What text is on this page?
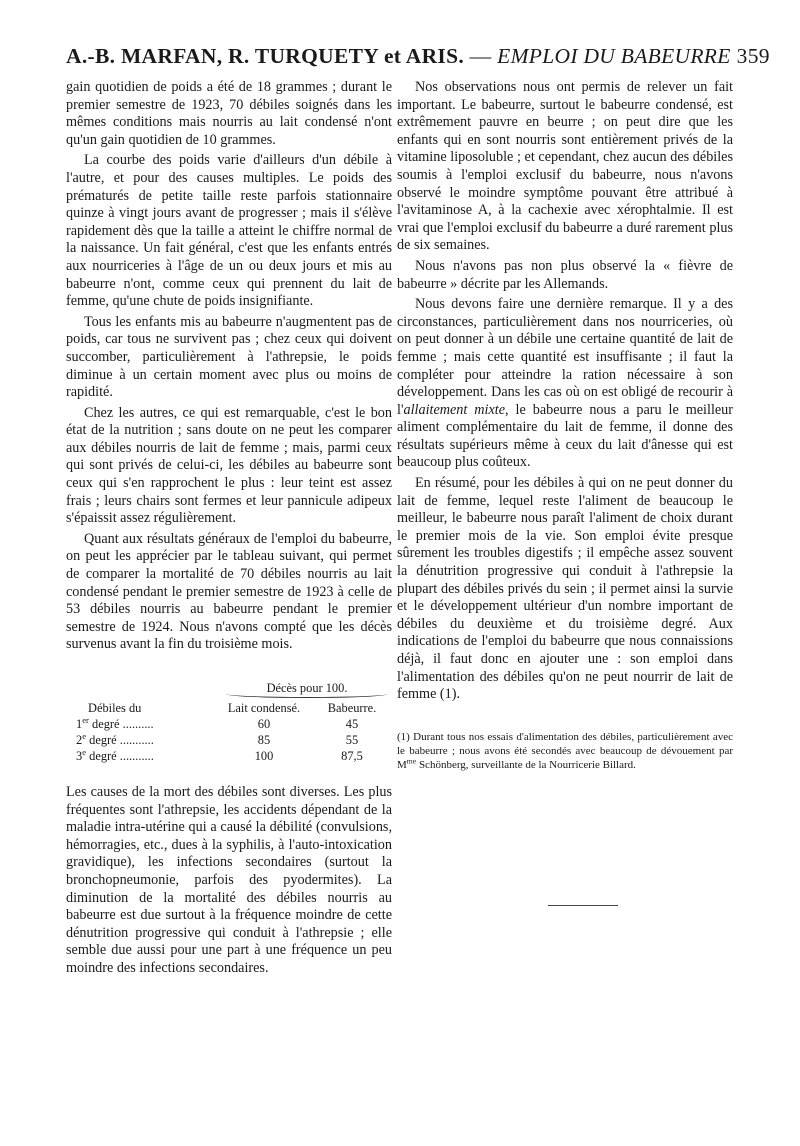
A.-B. MARFAN, R. TURQUETY et ARIS. — EMPLOI DU BABEURRE 359

gain quotidien de poids a été de 18 grammes ; durant le premier semestre de 1923, 70 débiles soignés dans les mêmes conditions mais nourris au lait condensé n'ont qu'un gain quotidien de 10 grammes.

La courbe des poids varie d'ailleurs d'un débile à l'autre, et pour des causes multiples. Le poids des prématurés de petite taille reste parfois stationnaire quinze à vingt jours avant de progresser ; mais il s'élève rapidement dès que la taille a atteint le chiffre normal de la naissance. Un fait général, c'est que les enfants entrés aux nourriceries à l'âge de un ou deux jours et mis au babeurre n'ont, comme ceux qui prennent du lait de femme, qu'une chute de poids insignifiante.

Tous les enfants mis au babeurre n'augmentent pas de poids, car tous ne survivent pas ; chez ceux qui doivent succomber, particulièrement à l'athrepsie, le poids diminue à un certain moment avec plus ou moins de rapidité.

Chez les autres, ce qui est remarquable, c'est le bon état de la nutrition ; sans doute on ne peut les comparer aux débiles nourris de lait de femme ; mais, parmi ceux qui sont privés de celui-ci, les débiles au babeurre sont ceux qui s'en rapprochent le plus : leur teint est assez frais ; leurs chairs sont fermes et leur pannicule adipeux s'épaissit assez régulièrement.

Quant aux résultats généraux de l'emploi du babeurre, on peut les apprécier par le tableau suivant, qui permet de comparer la mortalité de 70 débiles nourris au lait condensé pendant le premier semestre de 1923 à celle de 53 débiles nourris au babeurre pendant le premier semestre de 1924. Nous n'avons compté que les décès survenus avant la fin du troisième mois.

Décès pour 100.
Débiles du	Lait condensé.	Babeurre.
1er degré ..........	60	45
2e degré ...........	85	55
3e degré ...........	100	87,5

Les causes de la mort des débiles sont diverses. Les plus fréquentes sont l'athrepsie, les accidents dépendant de la maladie intra-utérine qui a causé la débilité (convulsions, hémorragies, etc., dues à la syphilis, à l'auto-intoxication gravidique), les infections secondaires (surtout la bronchopneumonie, parfois des pyodermites). La diminution de la mortalité des débiles nourris au babeurre est due surtout à la fréquence moindre de cette dénutrition progressive qui conduit à l'athrepsie ; elle semble due aussi pour une part à une fréquence un peu moindre des infections secondaires.

Nos observations nous ont permis de relever un fait important. Le babeurre, surtout le babeurre condensé, est extrêmement pauvre en beurre ; on peut dire que les enfants qui en sont nourris sont entièrement privés de la vitamine liposoluble ; et cependant, chez aucun des débiles soumis à l'emploi exclusif du babeurre, nous n'avons observé le moindre symptôme pouvant être attribué à l'avitaminose A, à la cachexie avec xérophtalmie. Il est vrai que l'emploi exclusif du babeurre a duré rarement plus de six semaines.

Nous n'avons pas non plus observé la « fièvre de babeurre » décrite par les Allemands.

Nous devons faire une dernière remarque. Il y a des circonstances, particulièrement dans nos nourriceries, où on peut donner à un débile une certaine quantité de lait de femme ; mais cette quantité est insuffisante ; il faut la compléter pour atteindre la ration nécessaire à son développement. Dans les cas où on est obligé de recourir à l'allaitement mixte, le babeurre nous a paru le meilleur aliment complémentaire du lait de femme, il donne des résultats supérieurs même à ceux du lait d'ânesse qui est beaucoup plus coûteux.

En résumé, pour les débiles à qui on ne peut donner du lait de femme, lequel reste l'aliment de beaucoup le meilleur, le babeurre nous paraît l'aliment de choix durant le premier mois de la vie. Son emploi évite presque sûrement les troubles digestifs ; il empêche assez souvent la dénutrition progressive qui conduit à l'athrepsie la plupart des débiles privés du sein ; il permet ainsi la survie et le développement ultérieur d'un nombre important de débiles du deuxième et du troisième degré. Aux indications de l'emploi du babeurre que nous connaissions déjà, il faut donc en ajouter une : son emploi dans l'alimentation des débiles qu'on ne peut nourrir de lait de femme (1).

(1) Durant tous nos essais d'alimentation des débiles, particulièrement avec le babeurre ; nous avons été secondés avec beaucoup de dévouement par $M^{me}$ Schönberg, surveillante de la Nourricerie Billard.
